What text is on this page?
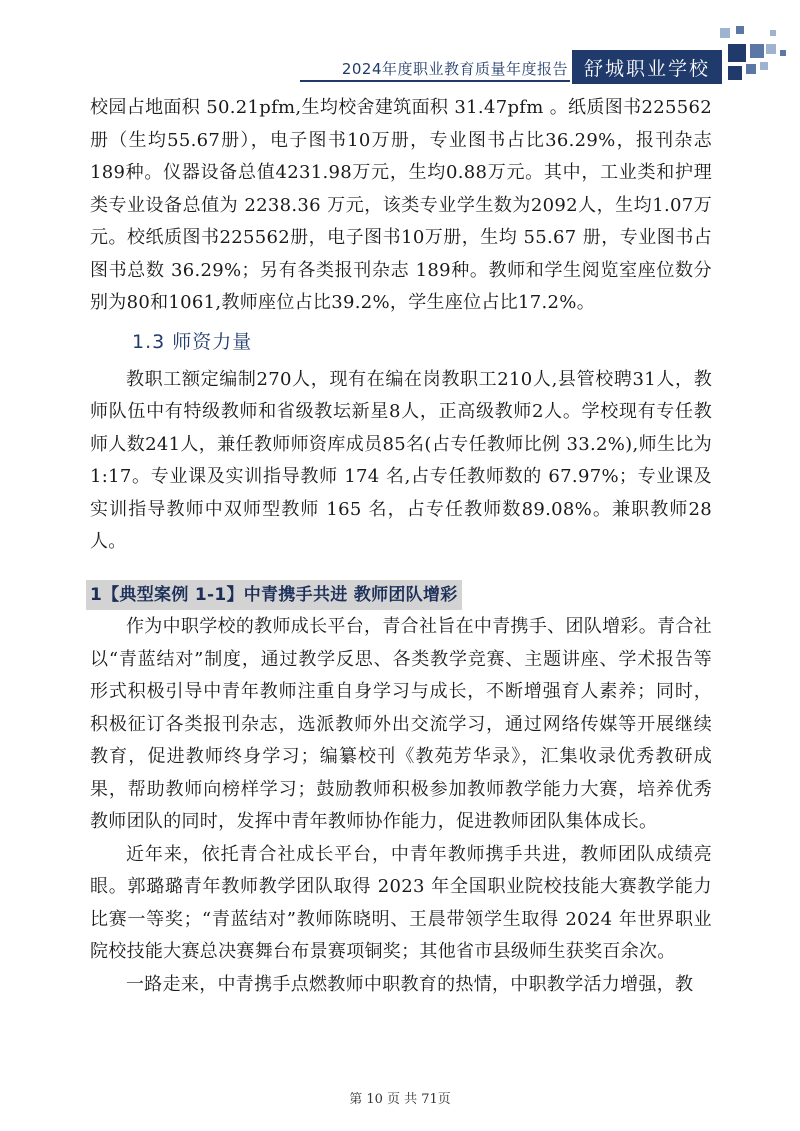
2024年度职业教育质量年度报告 舒城职业学校

校园占地面积 50.21pfm,生均校舍建筑面积 31.47pfm 。纸质图书225562册（生均55.67册），电子图书10万册，专业图书占比36.29%，报刊杂志189种。仪器设备总值4231.98万元，生均0.88万元。其中，工业类和护理类专业设备总值为 2238.36 万元，该类专业学生数为2092人，生均1.07万元。校纸质图书225562册，电子图书10万册，生均 55.67 册，专业图书占图书总数 36.29%；另有各类报刊杂志 189种。教师和学生阅览室座位数分别为80和1061,教师座位占比39.2%，学生座位占比17.2%。

1.3 师资力量

教职工额定编制270人，现有在编在岗教职工210人,县管校聘31人，教师队伍中有特级教师和省级教坛新星8人，正高级教师2人。学校现有专任教师人数241人，兼任教师师资库成员85名(占专任教师比例 33.2%),师生比为 1:17。专业课及实训指导教师 174 名,占专任教师数的 67.97%；专业课及实训指导教师中双师型教师 165 名，占专任教师数89.08%。兼职教师28人。

1【典型案例 1-1】中青携手共进 教师团队增彩

作为中职学校的教师成长平台，青合社旨在中青携手、团队增彩。青合社以“青蓝结对”制度，通过教学反思、各类教学竞赛、主题讲座、学术报告等形式积极引导中青年教师注重自身学习与成长，不断增强育人素养；同时，积极征订各类报刊杂志，选派教师外出交流学习，通过网络传媒等开展继续教育，促进教师终身学习；编纂校刊《教苑芳华录》，汇集收录优秀教研成果，帮助教师向榜样学习；鼓励教师积极参加教师教学能力大赛，培养优秀教师团队的同时，发挥中青年教师协作能力，促进教师团队集体成长。

近年来，依托青合社成长平台，中青年教师携手共进，教师团队成绩亮眼。郭璐璐青年教师教学团队取得 2023 年全国职业院校技能大赛教学能力比赛一等奖；“青蓝结对”教师陈晓明、王晨带领学生取得 2024 年世界职业院校技能大赛总决赛舞台布景赛项铜奖；其他省市县级师生获奖百余次。

一路走来，中青携手点燃教师中职教育的热情，中职教学活力增强，教

第 10 页 共 71页
